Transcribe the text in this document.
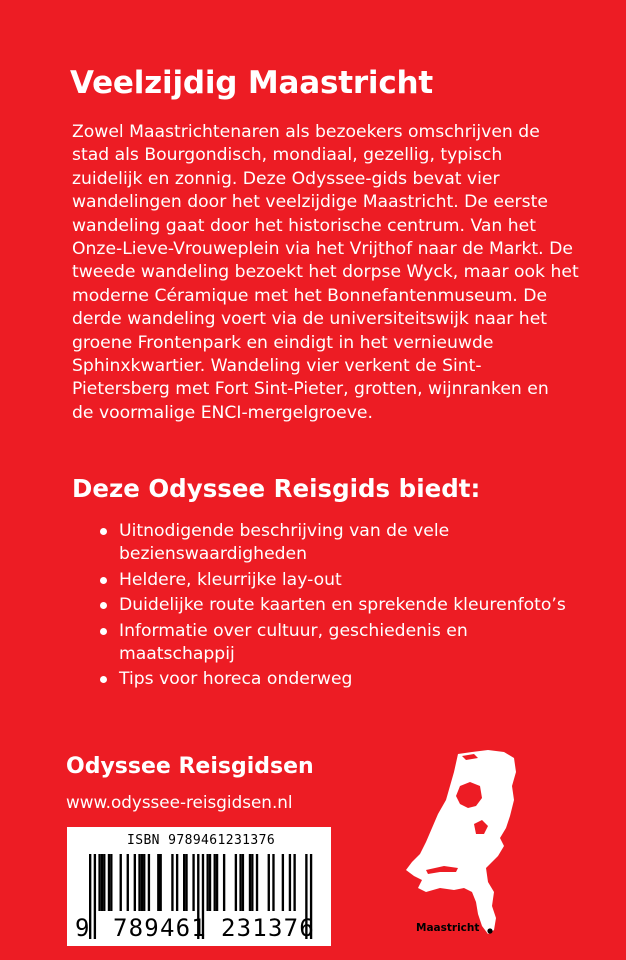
Veelzijdig Maastricht
Zowel Maastrichtenaren als bezoekers omschrijven de
stad als Bourgondisch, mondiaal, gezellig, typisch
zuidelijk en zonnig. Deze Odyssee-gids bevat vier
wandelingen door het veelzijdige Maastricht. De eerste
wandeling gaat door het historische centrum. Van het
Onze-Lieve-Vrouweplein via het Vrijthof naar de Markt. De
tweede wandeling bezoekt het dorpse Wyck, maar ook het
moderne Céramique met het Bonnefantenmuseum. De
derde wandeling voert via de universiteitswijk naar het
groene Frontenpark en eindigt in het vernieuwde
Sphinxkwartier. Wandeling vier verkent de Sint-
Pietersberg met Fort Sint-Pieter, grotten, wijnranken en
de voormalige ENCI-mergelgroeve.
Deze Odyssee Reisgids biedt:
Uitnodigende beschrijving van de vele
bezienswaardigheden
Heldere, kleurrijke lay-out
Duidelijke route kaarten en sprekende kleurenfoto’s
Informatie over cultuur, geschiedenis en
maatschappij
Tips voor horeca onderweg
Odyssee Reisgidsen
www.odyssee-reisgidsen.nl
ISBN 9789461231376
9 789461 231376	Maastricht
